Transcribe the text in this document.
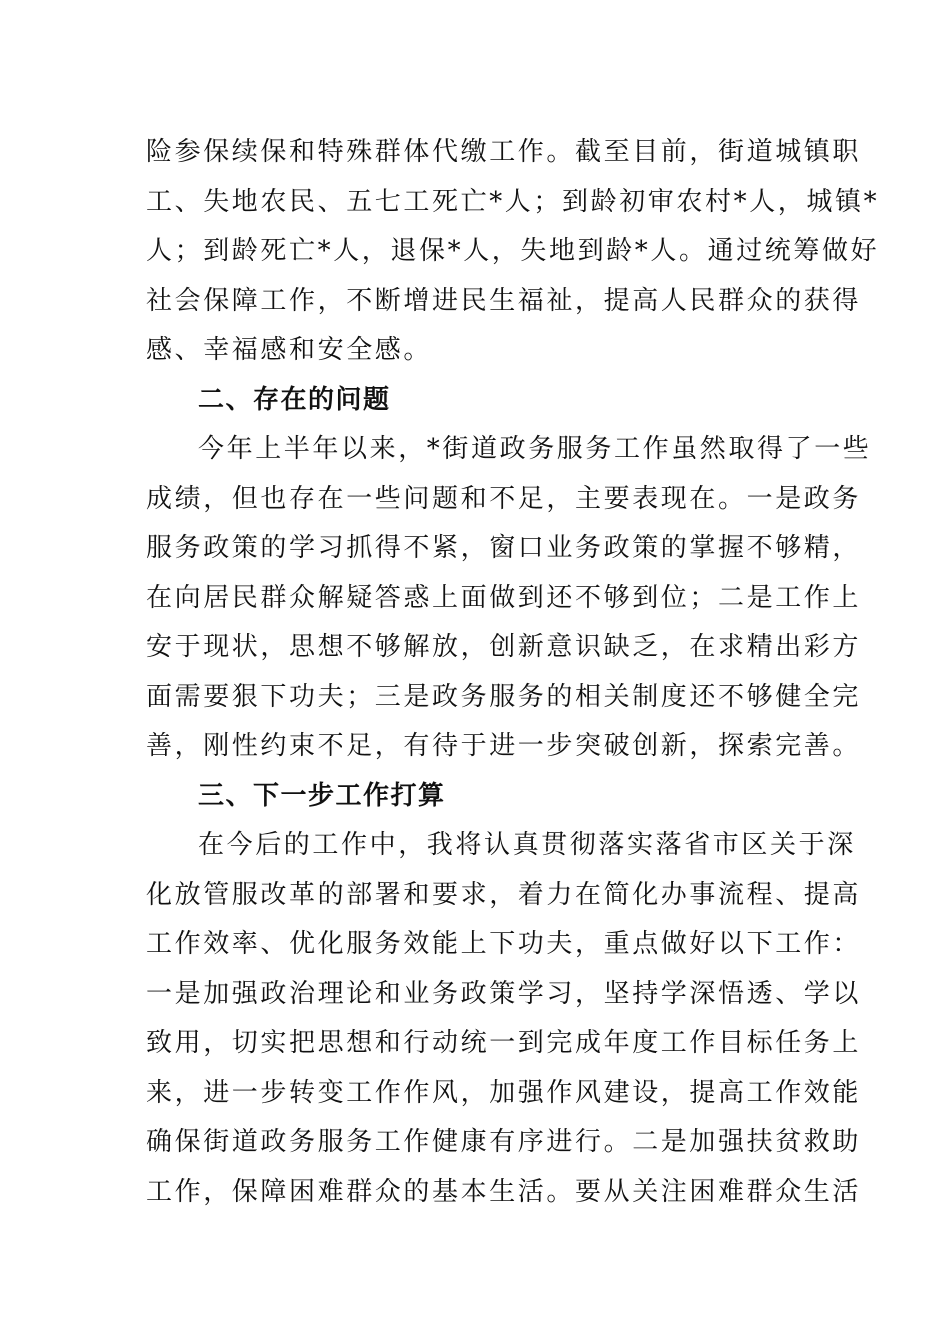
险参保续保和特殊群体代缴工作。截至目前，街道城镇职
工、失地农民、五七工死亡*人；到龄初审农村*人，城镇*
人；到龄死亡*人，退保*人，失地到龄*人。通过统筹做好
社会保障工作，不断增进民生福祉，提高人民群众的获得
感、幸福感和安全感。
二、存在的问题
今年上半年以来，*街道政务服务工作虽然取得了一些
成绩，但也存在一些问题和不足，主要表现在。一是政务
服务政策的学习抓得不紧，窗口业务政策的掌握不够精，
在向居民群众解疑答惑上面做到还不够到位；二是工作上
安于现状，思想不够解放，创新意识缺乏，在求精出彩方
面需要狠下功夫；三是政务服务的相关制度还不够健全完
善，刚性约束不足，有待于进一步突破创新，探索完善。
三、下一步工作打算
在今后的工作中，我将认真贯彻落实落省市区关于深
化放管服改革的部署和要求，着力在简化办事流程、提高
工作效率、优化服务效能上下功夫，重点做好以下工作：
一是加强政治理论和业务政策学习，坚持学深悟透、学以
致用，切实把思想和行动统一到完成年度工作目标任务上
来，进一步转变工作作风，加强作风建设，提高工作效能
确保街道政务服务工作健康有序进行。二是加强扶贫救助
工作，保障困难群众的基本生活。要从关注困难群众生活
